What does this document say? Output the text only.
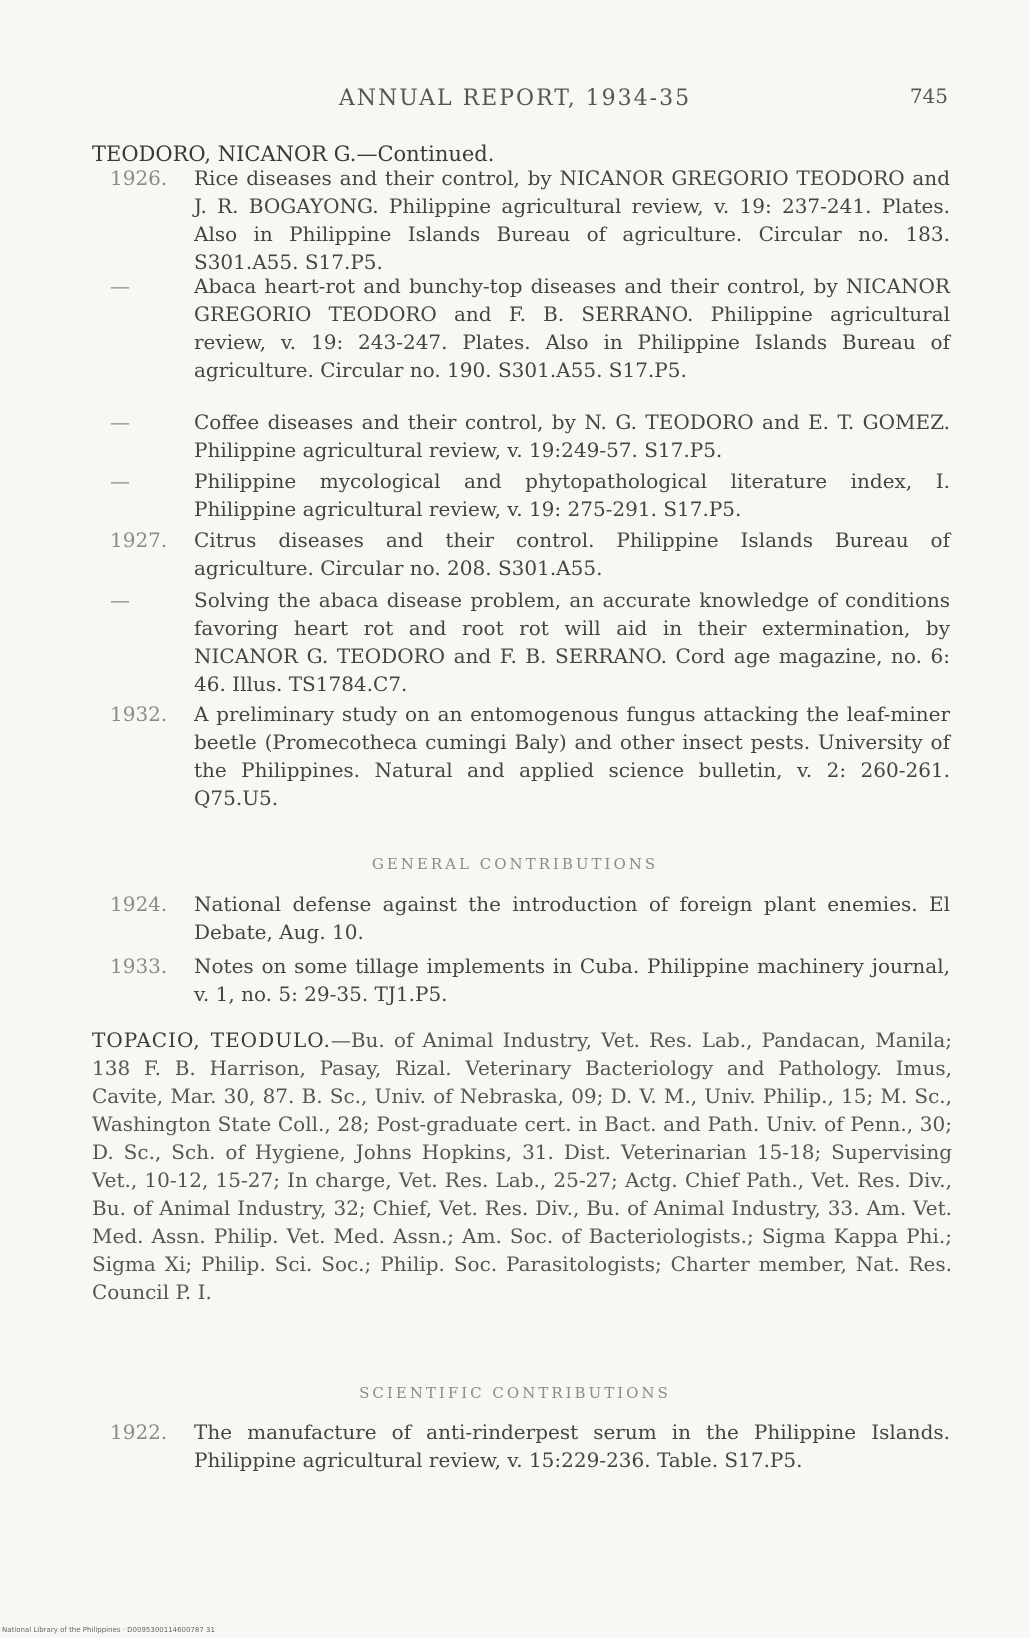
ANNUAL REPORT, 1934-35	745
TEODORO, NICANOR G.—Continued.
1926.	Rice diseases and their control, by NICANOR GREGORIO TEODORO and J. R. BOGAYONG. Philippine agricultural review, v. 19: 237-241. Plates. Also in Philippine Islands Bureau of agriculture. Circular no. 183. S301.A55. S17.P5.
—	Abaca heart-rot and bunchy-top diseases and their control, by NICANOR GREGORIO TEODORO and F. B. SERRANO. Philippine agricultural review, v. 19: 243-247. Plates. Also in Philippine Islands Bureau of agriculture. Circular no. 190. S301.A55. S17.P5.
—	Coffee diseases and their control, by N. G. TEODORO and E. T. GOMEZ. Philippine agricultural review, v. 19:249-57. S17.P5.
—	Philippine mycological and phytopathological literature index, I. Philippine agricultural review, v. 19: 275-291. S17.P5.
1927.	Citrus diseases and their control. Philippine Islands Bureau of agriculture. Circular no. 208. S301.A55.
—	Solving the abaca disease problem, an accurate knowledge of conditions favoring heart rot and root rot will aid in their extermination, by NICANOR G. TEODORO and F. B. SERRANO. Cord age magazine, no. 6: 46. Illus. TS1784.C7.
1932.	A preliminary study on an entomogenous fungus attacking the leaf-miner beetle (Promecotheca cumingi Baly) and other insect pests. University of the Philippines. Natural and applied science bulletin, v. 2: 260-261. Q75.U5.
GENERAL CONTRIBUTIONS
1924.	National defense against the introduction of foreign plant enemies. El Debate, Aug. 10.
1933.	Notes on some tillage implements in Cuba. Philippine machinery journal, v. 1, no. 5: 29-35. TJ1.P5.
TOPACIO, TEODULO.—Bu. of Animal Industry, Vet. Res. Lab., Pandacan, Manila; 138 F. B. Harrison, Pasay, Rizal. Veterinary Bacteriology and Pathology. Imus, Cavite, Mar. 30, 87. B. Sc., Univ. of Nebraska, 09; D. V. M., Univ. Philip., 15; M. Sc., Washington State Coll., 28; Post-graduate cert. in Bact. and Path. Univ. of Penn., 30; D. Sc., Sch. of Hygiene, Johns Hopkins, 31. Dist. Veterinarian 15-18; Supervising Vet., 10-12, 15-27; In charge, Vet. Res. Lab., 25-27; Actg. Chief Path., Vet. Res. Div., Bu. of Animal Industry, 32; Chief, Vet. Res. Div., Bu. of Animal Industry, 33. Am. Vet. Med. Assn. Philip. Vet. Med. Assn.; Am. Soc. of Bacteriologists.; Sigma Kappa Phi.; Sigma Xi; Philip. Sci. Soc.; Philip. Soc. Parasitologists; Charter member, Nat. Res. Council P. I.
SCIENTIFIC CONTRIBUTIONS
1922.	The manufacture of anti-rinderpest serum in the Philippine Islands. Philippine agricultural review, v. 15:229-236. Table. S17.P5.
National Library of the Philippines · D0095300114600787 31
